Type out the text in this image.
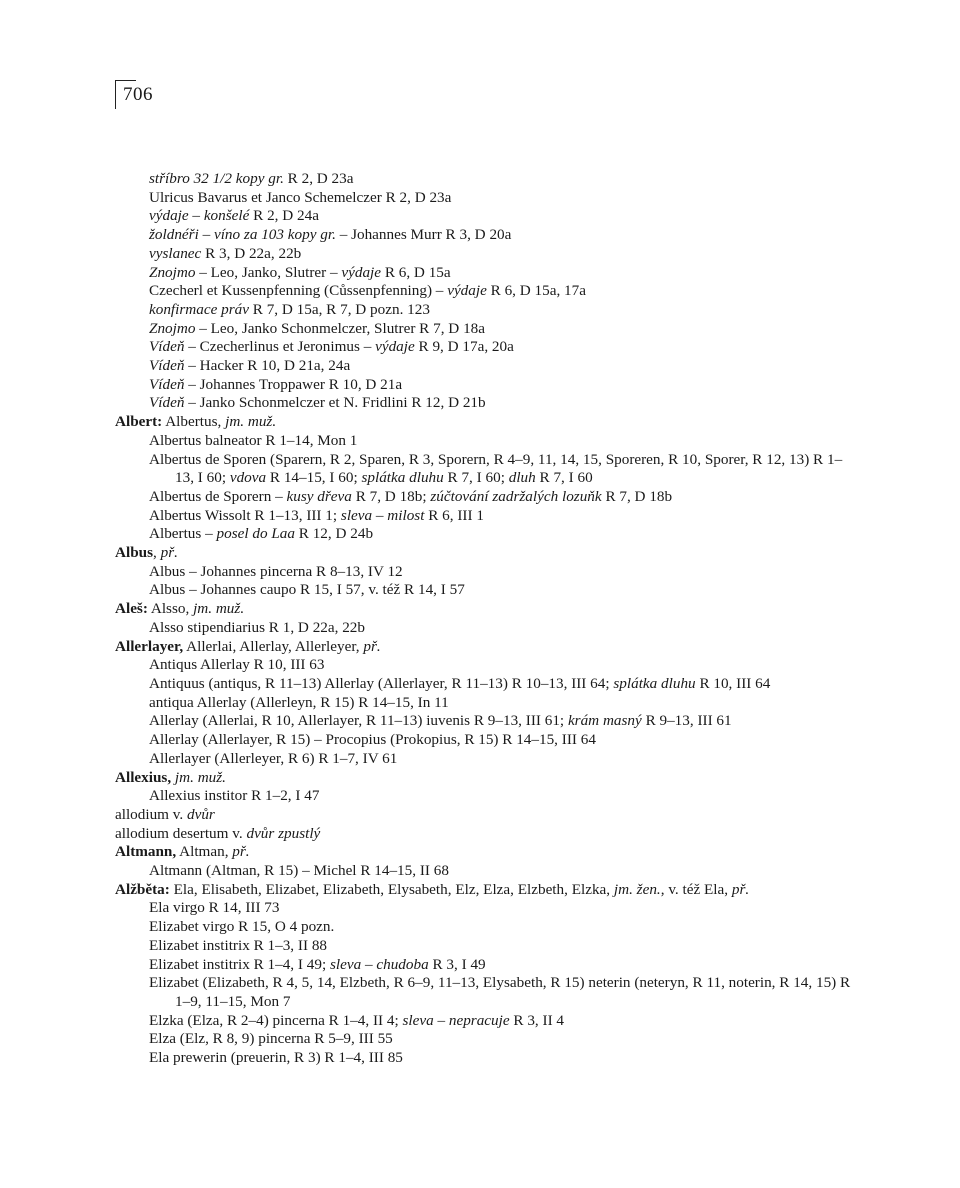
706
stříbro 32 1/2 kopy gr. R 2, D 23a
Ulricus Bavarus et Janco Schemelczer R 2, D 23a
výdaje – konšelé R 2, D 24a
žoldnéři – víno za 103 kopy gr. – Johannes Murr R 3, D 20a
vyslanec R 3, D 22a, 22b
Znojmo – Leo, Janko, Slutrer – výdaje R 6, D 15a
Czecherl et Kussenpfenning (Cůssenpfenning) – výdaje R 6, D 15a, 17a
konfirmace práv R 7, D 15a, R 7, D pozn. 123
Znojmo – Leo, Janko Schonmelczer, Slutrer R 7, D 18a
Vídeň – Czecherlinus et Jeronimus – výdaje R 9, D 17a, 20a
Vídeň – Hacker R 10, D 21a, 24a
Vídeň – Johannes Troppawer R 10, D 21a
Vídeň – Janko Schonmelczer et N. Fridlini R 12, D 21b
Albert: Albertus, jm. muž.
Albertus balneator R 1–14, Mon 1
Albertus de Sporen (Sparern, R 2, Sparen, R 3, Sporern, R 4–9, 11, 14, 15, Sporeren, R 10, Sporer, R 12, 13) R 1–13, I 60; vdova R 14–15, I 60; splátka dluhu R 7, I 60; dluh R 7, I 60
Albertus de Sporern – kusy dřeva R 7, D 18b; zúčtování zadržalých lozuňk R 7, D 18b
Albertus Wissolt R 1–13, III 1; sleva – milost R 6, III 1
Albertus – posel do Laa R 12, D 24b
Albus, př.
Albus – Johannes pincerna R 8–13, IV 12
Albus – Johannes caupo R 15, I 57, v. též R 14, I 57
Aleš: Alsso, jm. muž.
Alsso stipendiarius R 1, D 22a, 22b
Allerlayer, Allerlai, Allerlay, Allerleyer, př.
Antiqus Allerlay R 10, III 63
Antiquus (antiqus, R 11–13) Allerlay (Allerlayer, R 11–13) R 10–13, III 64; splátka dluhu R 10, III 64
antiqua Allerlay (Allerleyn, R 15) R 14–15, In 11
Allerlay (Allerlai, R 10, Allerlayer, R 11–13) iuvenis R 9–13, III 61; krám masný R 9–13, III 61
Allerlay (Allerlayer, R 15) – Procopius (Prokopius, R 15) R 14–15, III 64
Allerlayer (Allerleyer, R 6) R 1–7, IV 61
Allexius, jm. muž.
Allexius institor R 1–2, I 47
allodium v. dvůr
allodium desertum v. dvůr zpustlý
Altmann, Altman, př.
Altmann (Altman, R 15) – Michel R 14–15, II 68
Alžběta: Ela, Elisabeth, Elizabet, Elizabeth, Elysabeth, Elz, Elza, Elzbeth, Elzka, jm. žen., v. též Ela, př.
Ela virgo R 14, III 73
Elizabet virgo R 15, O 4 pozn.
Elizabet institrix R 1–3, II 88
Elizabet institrix R 1–4, I 49; sleva – chudoba R 3, I 49
Elizabet (Elizabeth, R 4, 5, 14, Elzbeth, R 6–9, 11–13, Elysabeth, R 15) neterin (neteryn, R 11, noterin, R 14, 15) R 1–9, 11–15, Mon 7
Elzka (Elza, R 2–4) pincerna R 1–4, II 4; sleva – nepracuje R 3, II 4
Elza (Elz, R 8, 9) pincerna R 5–9, III 55
Ela prewerin (preuerin, R 3) R 1–4, III 85
